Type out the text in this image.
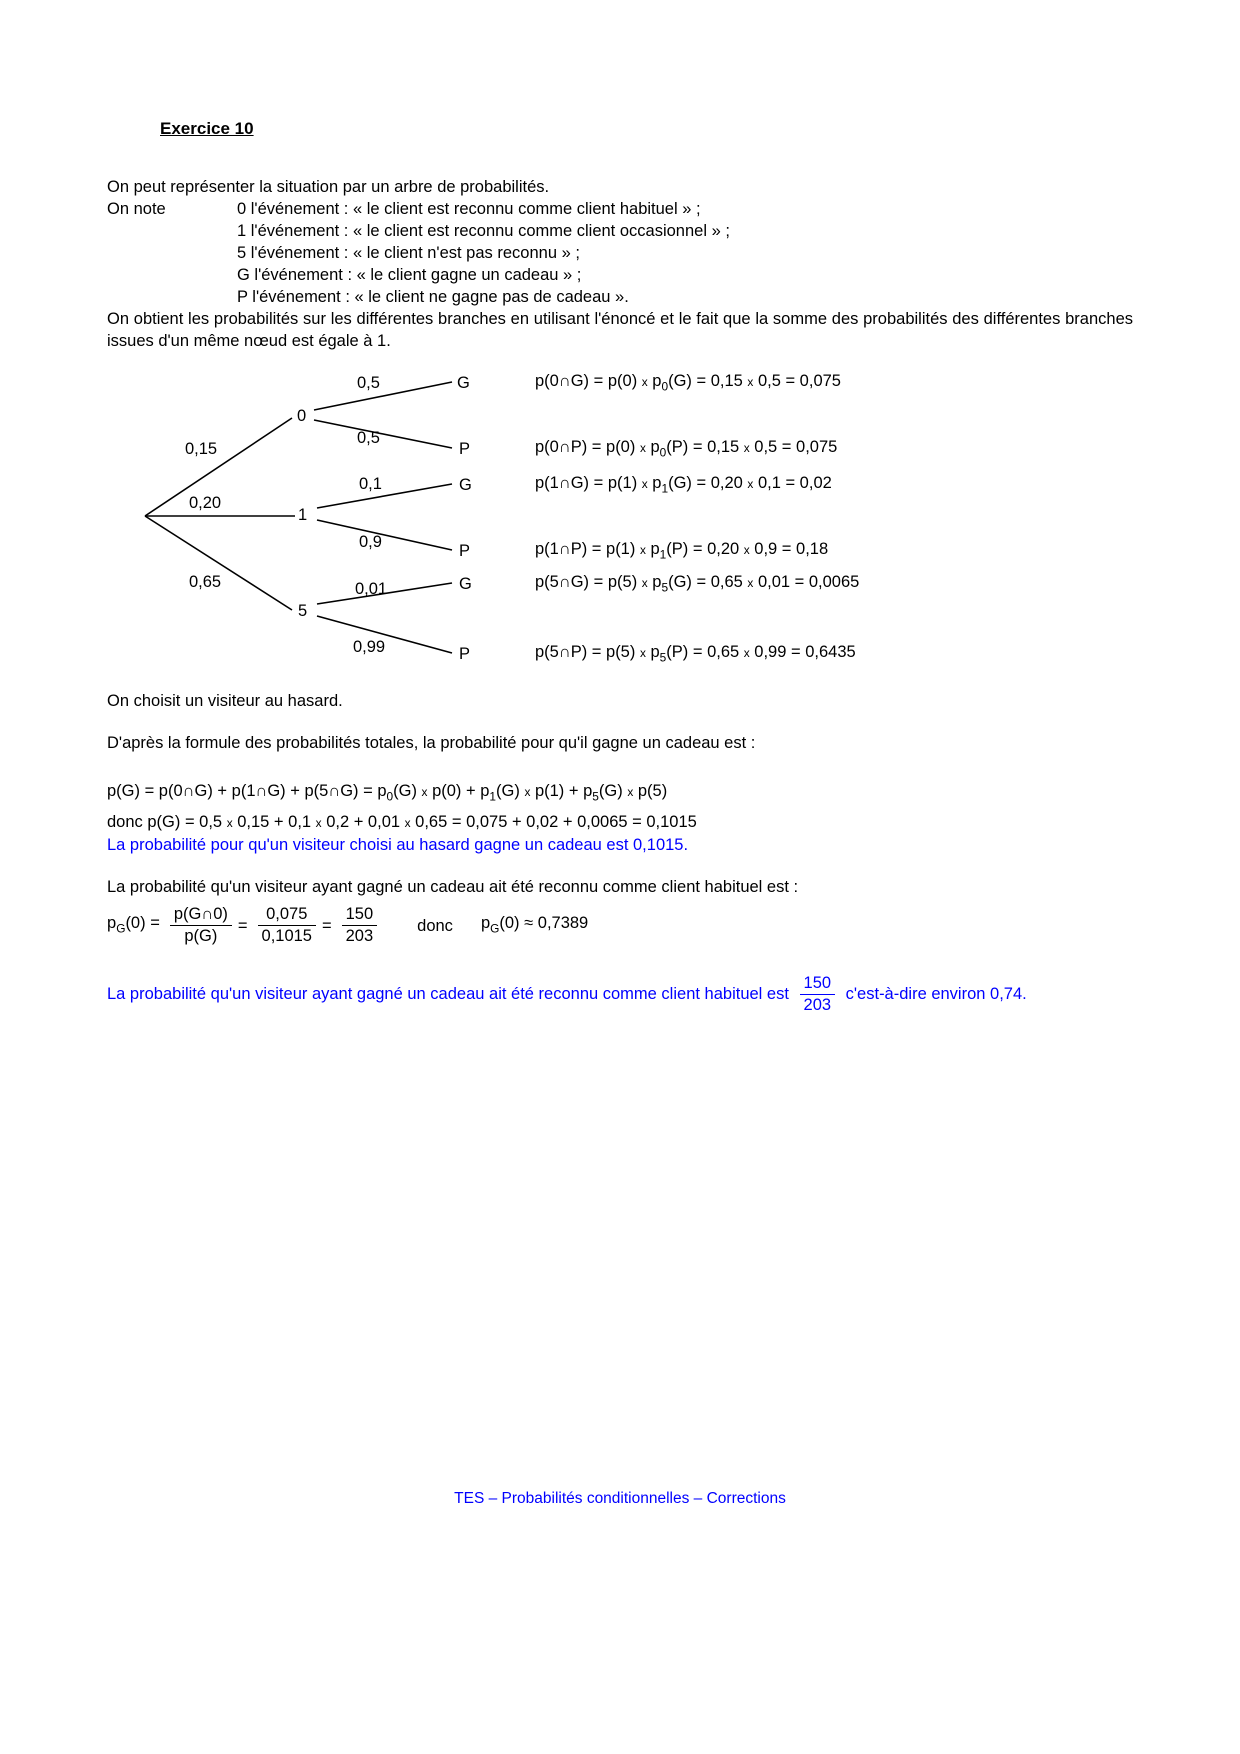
Exercice 10

On peut représenter la situation par un arbre de probabilités.

On note	0 l'événement : « le client est reconnu comme client habituel » ;
1 l'événement : « le client est reconnu comme client occasionnel » ;
5 l'événement : « le client n'est pas reconnu » ;
G l'événement : « le client gagne un cadeau » ;
P l'événement : « le client ne gagne pas de cadeau ».

On obtient les probabilités sur les différentes branches en utilisant l'énoncé et le fait que la somme des probabilités des différentes branches issues d'un même nœud est égale à 1.

0,15
0,20
0,65
0
1
5
0,5
0,5
0,1
0,9
0,01
0,99
G
P
G
P
G
P
p(0∩G) = p(0) x $p_0(G) = 0,15$ x 0,5 = 0,075
p(0∩P) = p(0) x $p_0(P) = 0,15$ x 0,5 = 0,075
p(1∩G) = p(1) x $p_1(G) = 0,20$ x 0,1 = 0,02
p(1∩P) = p(1) x $p_1(P) = 0,20$ x 0,9 = 0,18
p(5∩G) = p(5) x $p_5(G) = 0,65$ x 0,01 = 0,0065
p(5∩P) = p(5) x $p_5(P) = 0,65$ x 0,99 = 0,6435

On choisit un visiteur au hasard.

D'après la formule des probabilités totales, la probabilité pour qu'il gagne un cadeau est :

p(G) = p(0∩G) + p(1∩G) + p(5∩G) = $p_0(G)$ x $p(0) + p_1(G)$ x $p(1) + p_5(G)$ x p(5)

donc p(G) = 0,5 x 0,15 + 0,1 x 0,2 + 0,01 x 0,65 = 0,075 + 0,02 + 0,0065 = 0,1015

La probabilité pour qu'un visiteur choisi au hasard gagne un cadeau est 0,1015.

La probabilité qu'un visiteur ayant gagné un cadeau ait été reconnu comme client habituel est :

$p_G(0) = \frac{p(G\cap 0)}{p(G)} = \frac{0,075}{0,1015} = \frac{150}{203}$ donc $p_G(0) \approx 0,7389$

La probabilité qu'un visiteur ayant gagné un cadeau ait été reconnu comme client habituel est $\frac{150}{203}$ c'est-à-dire environ 0,74.

TES – Probabilités conditionnelles – Corrections
